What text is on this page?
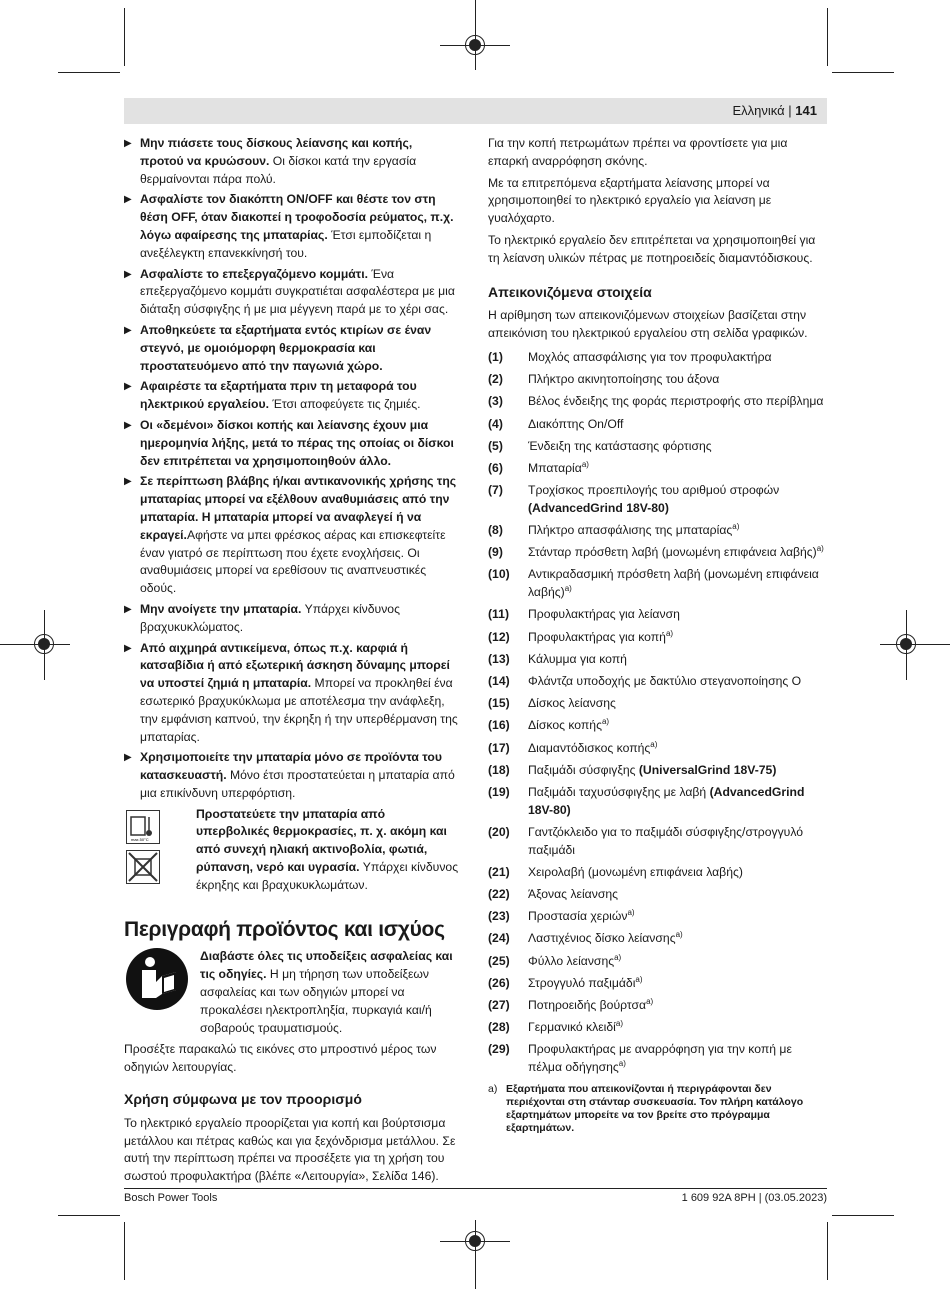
Ελληνικά | 141
▶ Μην πιάσετε τους δίσκους λείανσης και κοπής, προτού να κρυώσουν. Οι δίσκοι κατά την εργασία θερμαίνονται πάρα πολύ.
▶ Ασφαλίστε τον διακόπτη ON/OFF και θέστε τον στη θέση OFF, όταν διακοπεί η τροφοδοσία ρεύματος, π.χ. λόγω αφαίρεσης της μπαταρίας. Έτσι εμποδίζεται η ανεξέλεγκτη επανεκκίνησή του.
▶ Ασφαλίστε το επεξεργαζόμενο κομμάτι. Ένα επεξεργαζόμενο κομμάτι συγκρατιέται ασφαλέστερα με μια διάταξη σύσφιγξης ή με μια μέγγενη παρά με το χέρι σας.
▶ Αποθηκεύετε τα εξαρτήματα εντός κτιρίων σε έναν στεγνό, με ομοιόμορφη θερμοκρασία και προστατευόμενο από την παγωνιά χώρο.
▶ Αφαιρέστε τα εξαρτήματα πριν τη μεταφορά του ηλεκτρικού εργαλείου. Έτσι αποφεύγετε τις ζημιές.
▶ Οι «δεμένοι» δίσκοι κοπής και λείανσης έχουν μια ημερομηνία λήξης, μετά το πέρας της οποίας οι δίσκοι δεν επιτρέπεται να χρησιμοποιηθούν άλλο.
▶ Σε περίπτωση βλάβης ή/και αντικανονικής χρήσης της μπαταρίας μπορεί να εξέλθουν αναθυμιάσεις από την μπαταρία. Η μπαταρία μπορεί να αναφλεγεί ή να εκραγεί.Αφήστε να μπει φρέσκος αέρας και επισκεφτείτε έναν γιατρό σε περίπτωση που έχετε ενοχλήσεις. Οι αναθυμιάσεις μπορεί να ερεθίσουν τις αναπνευστικές οδούς.
▶ Μην ανοίγετε την μπαταρία. Υπάρχει κίνδυνος βραχυκυκλώματος.
▶ Από αιχμηρά αντικείμενα, όπως π.χ. καρφιά ή κατσαβίδια ή από εξωτερική άσκηση δύναμης μπορεί να υποστεί ζημιά η μπαταρία. Μπορεί να προκληθεί ένα εσωτερικό βραχυκύκλωμα με αποτέλεσμα την ανάφλεξη, την εμφάνιση καπνού, την έκρηξη ή την υπερθέρμανση της μπαταρίας.
▶ Χρησιμοποιείτε την μπαταρία μόνο σε προϊόντα του κατασκευαστή. Μόνο έτσι προστατεύεται η μπαταρία από μια επικίνδυνη υπερφόρτιση.
max.50°C
Προστατεύετε την μπαταρία από υπερβολικές θερμοκρασίες, π. χ. ακόμη και από συνεχή ηλιακή ακτινοβολία, φωτιά, ρύπανση, νερό και υγρασία. Υπάρχει κίνδυνος έκρηξης και βραχυκυκλωμάτων.
Περιγραφή προϊόντος και ισχύος
Διαβάστε όλες τις υποδείξεις ασφαλείας και τις οδηγίες. Η μη τήρηση των υποδείξεων ασφαλείας και των οδηγιών μπορεί να προκαλέσει ηλεκτροπληξία, πυρκαγιά και/ή σοβαρούς τραυματισμούς.

Προσέξτε παρακαλώ τις εικόνες στο μπροστινό μέρος των οδηγιών λειτουργίας.

Χρήση σύμφωνα με τον προορισμό

Το ηλεκτρικό εργαλείο προορίζεται για κοπή και βούρτσισμα μετάλλου και πέτρας καθώς και για ξεχόνδρισμα μετάλλου. Σε αυτή την περίπτωση πρέπει να προσέξετε για τη χρήση του σωστού προφυλακτήρα (βλέπε «Λειτουργία», Σελίδα 146).

Για την κοπή πετρωμάτων πρέπει να φροντίσετε για μια επαρκή αναρρόφηση σκόνης.

Με τα επιτρεπόμενα εξαρτήματα λείανσης μπορεί να χρησιμοποιηθεί το ηλεκτρικό εργαλείο για λείανση με γυαλόχαρτο.

Το ηλεκτρικό εργαλείο δεν επιτρέπεται να χρησιμοποιηθεί για τη λείανση υλικών πέτρας με ποτηροειδείς διαμαντόδισκους.

Απεικονιζόμενα στοιχεία

Η αρίθμηση των απεικονιζόμενων στοιχείων βασίζεται στην απεικόνιση του ηλεκτρικού εργαλείου στη σελίδα γραφικών.

(1) Μοχλός απασφάλισης για τον προφυλακτήρα
(2) Πλήκτρο ακινητοποίησης του άξονα
(3) Βέλος ένδειξης της φοράς περιστροφής στο περίβλημα
(4) Διακόπτης On/Off
(5) Ένδειξη της κατάστασης φόρτισης
(6) Μπαταρία$^{a)}$
(7) Τροχίσκος προεπιλογής του αριθμού στροφών (AdvancedGrind 18V-80)
(8) Πλήκτρο απασφάλισης της μπαταρίας$^{a)}$
(9) Στάνταρ πρόσθετη λαβή (μονωμένη επιφάνεια λαβής)$^{a)}$
(10) Αντικραδασμική πρόσθετη λαβή (μονωμένη επιφάνεια λαβής)$^{a)}$
(11) Προφυλακτήρας για λείανση
(12) Προφυλακτήρας για κοπή$^{a)}$
(13) Κάλυμμα για κοπή
(14) Φλάντζα υποδοχής με δακτύλιο στεγανοποίησης O
(15) Δίσκος λείανσης
(16) Δίσκος κοπής$^{a)}$
(17) Διαμαντόδισκος κοπής$^{a)}$
(18) Παξιμάδι σύσφιγξης (UniversalGrind 18V-75)
(19) Παξιμάδι ταχυσύσφιγξης με λαβή (AdvancedGrind 18V-80)
(20) Γαντζόκλειδο για το παξιμάδι σύσφιγξης/στρογγυλό παξιμάδι
(21) Χειρολαβή (μονωμένη επιφάνεια λαβής)
(22) Άξονας λείανσης
(23) Προστασία χεριών$^{a)}$
(24) Λαστιχένιος δίσκο λείανσης$^{a)}$
(25) Φύλλο λείανσης$^{a)}$
(26) Στρογγυλό παξιμάδι$^{a)}$
(27) Ποτηροειδής βούρτσα$^{a)}$
(28) Γερμανικό κλειδί$^{a)}$
(29) Προφυλακτήρας με αναρρόφηση για την κοπή με πέλμα οδήγησης$^{a)}$
a) Εξαρτήματα που απεικονίζονται ή περιγράφονται δεν περιέχονται στη στάνταρ συσκευασία. Τον πλήρη κατάλογο εξαρτημάτων μπορείτε να τον βρείτε στο πρόγραμμα εξαρτημάτων.
Bosch Power Tools	1 609 92A 8PH | (03.05.2023)
